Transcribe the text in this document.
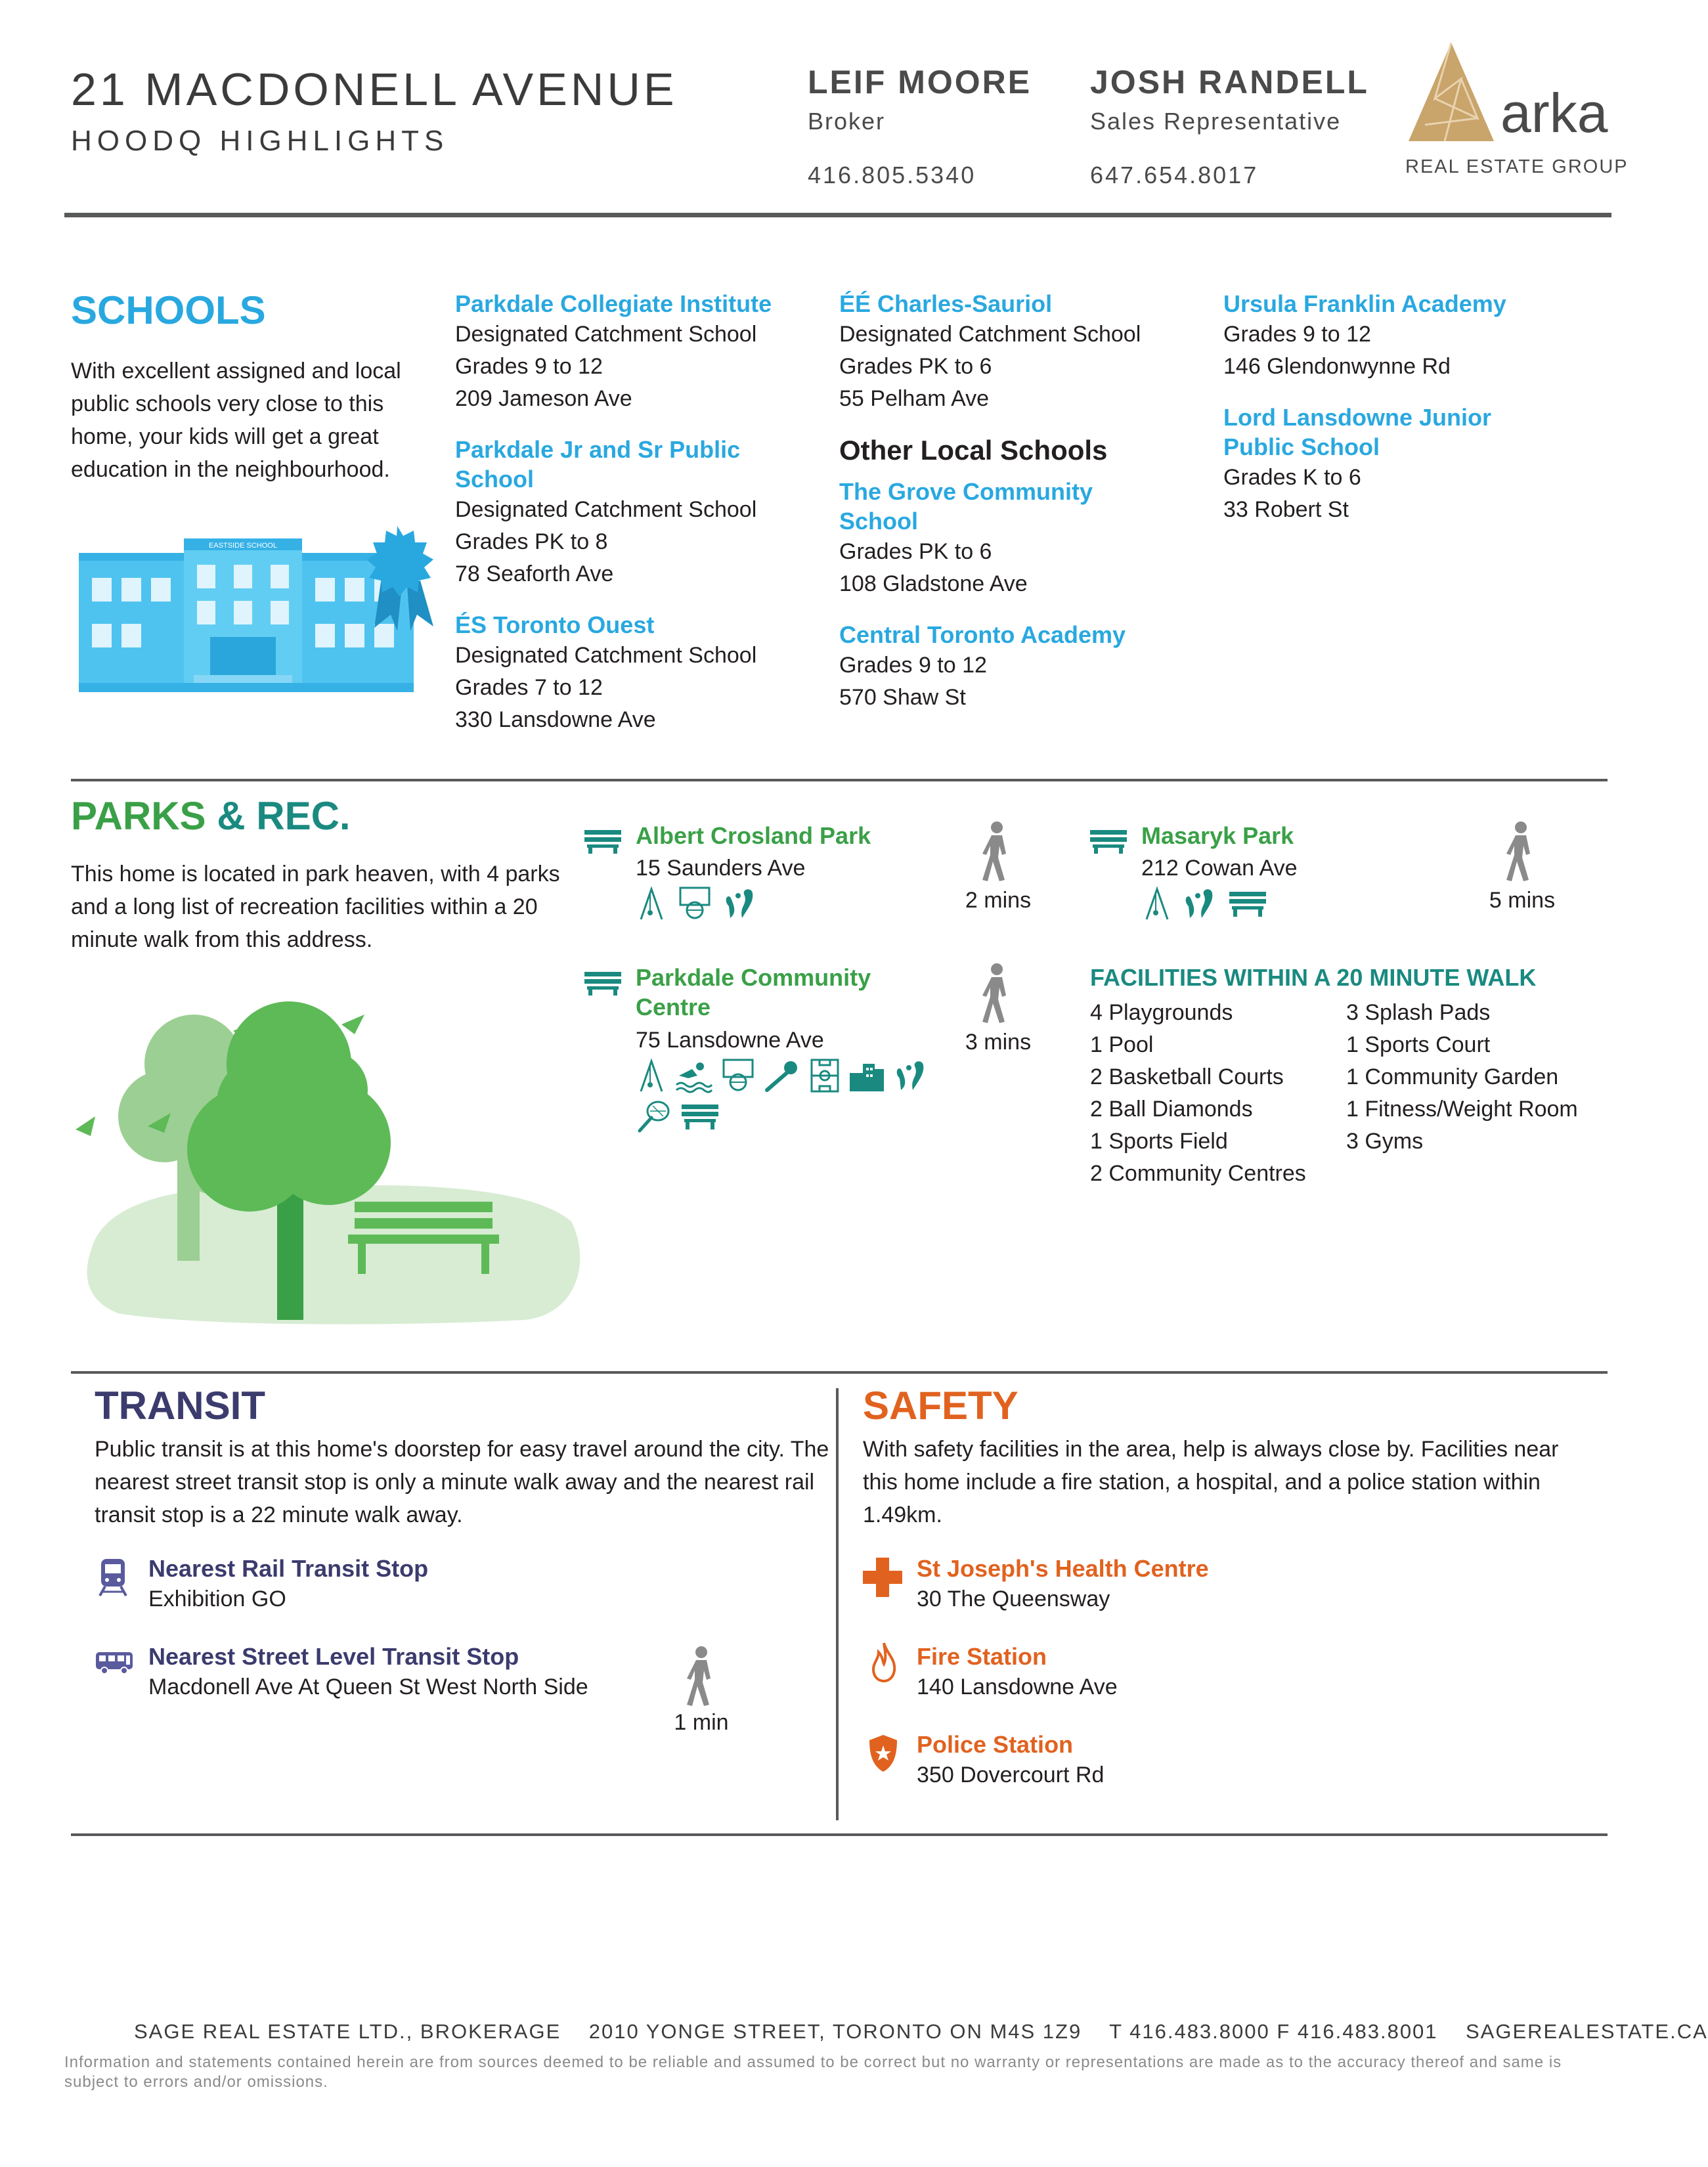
21 MACDONELL AVENUE
HOODQ HIGHLIGHTS
LEIF MOORE
Broker
416.805.5340
JOSH RANDELL
Sales Representative
647.654.8017
arka
REAL ESTATE GROUP
SCHOOLS
With excellent assigned and local public schools very close to this home, your kids will get a great education in the neighbourhood.
EASTSIDE SCHOOL
Parkdale Collegiate Institute
Designated Catchment School
Grades 9 to 12
209 Jameson Ave
Parkdale Jr and Sr Public School
Designated Catchment School
Grades PK to 8
78 Seaforth Ave
ÉS Toronto Ouest
Designated Catchment School
Grades 7 to 12
330 Lansdowne Ave
ÉÉ Charles-Sauriol
Designated Catchment School
Grades PK to 6
55 Pelham Ave
Other Local Schools
The Grove Community School
Grades PK to 6
108 Gladstone Ave
Central Toronto Academy
Grades 9 to 12
570 Shaw St
Ursula Franklin Academy
Grades 9 to 12
146 Glendonwynne Rd
Lord Lansdowne Junior Public School
Grades K to 6
33 Robert St
PARKS & REC.
This home is located in park heaven, with 4 parks and a long list of recreation facilities within a 20 minute walk from this address.
Albert Crosland Park
15 Saunders Ave
2 mins
Masaryk Park
212 Cowan Ave
5 mins
Parkdale Community Centre
75 Lansdowne Ave	3 mins
FACILITIES WITHIN A 20 MINUTE WALK
4 Playgrounds
1 Pool
2 Basketball Courts
2 Ball Diamonds
1 Sports Field
2 Community Centres
3 Splash Pads
1 Sports Court
1 Community Garden
1 Fitness/Weight Room
3 Gyms
TRANSIT
Public transit is at this home's doorstep for easy travel around the city. The nearest street transit stop is only a minute walk away and the nearest rail transit stop is a 22 minute walk away.
Nearest Rail Transit Stop
Exhibition GO
Nearest Street Level Transit Stop
Macdonell Ave At Queen St West North Side
1 min
SAFETY
With safety facilities in the area, help is always close by. Facilities near this home include a fire station, a hospital, and a police station within 1.49km.
St Joseph's Health Centre
30 The Queensway
Fire Station
140 Lansdowne Ave
Police Station
350 Dovercourt Rd
SAGE REAL ESTATE LTD., BROKERAGE 2010 YONGE STREET, TORONTO ON M4S 1Z9 T 416.483.8000 F 416.483.8001 SAGEREALESTATE.CA
Information and statements contained herein are from sources deemed to be reliable and assumed to be correct but no warranty or representations are made as to the accuracy thereof and same is subject to errors and/or omissions.
